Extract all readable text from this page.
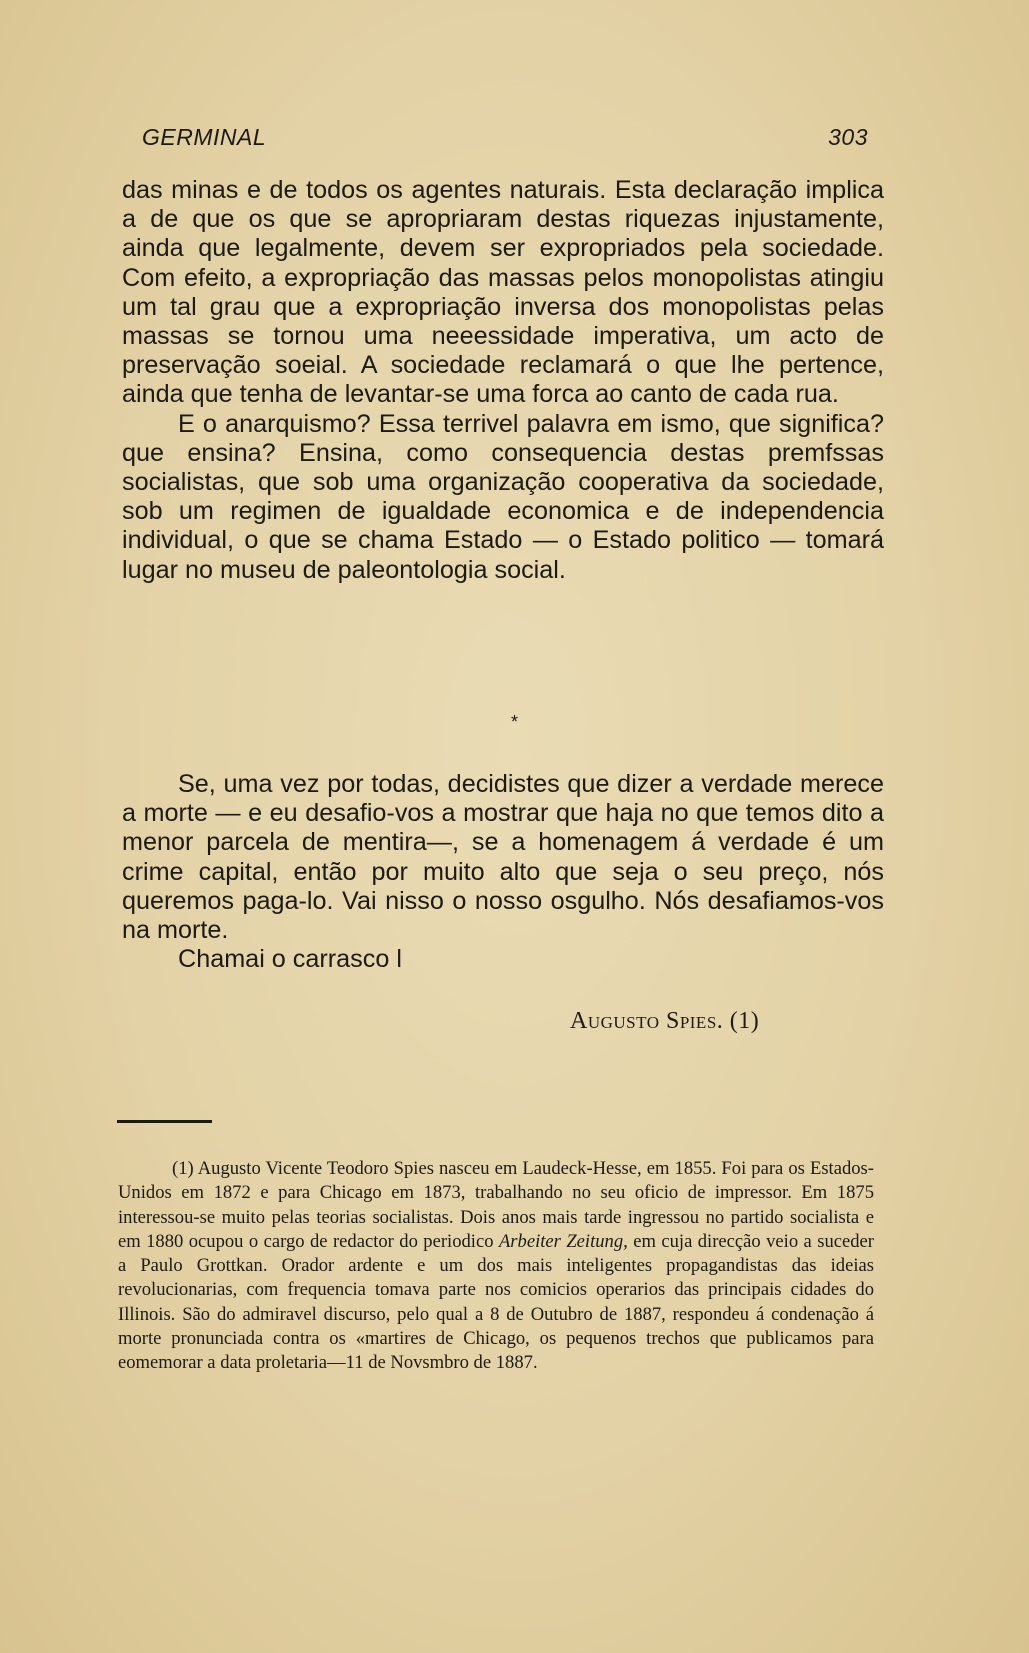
GERMINAL	303

das minas e de todos os agentes naturais. Esta declaração implica a de que os que se apropriaram destas riquezas injustamente, ainda que legalmente, devem ser expropriados pela sociedade. Com efeito, a expropriação das massas pelos monopolistas atingiu um tal grau que a expropriação inversa dos monopolistas pelas massas se tornou uma neeessidade imperativa, um acto de preservação soeial. A sociedade reclamará o que lhe pertence, ainda que tenha de levantar-se uma forca ao canto de cada rua.

E o anarquismo? Essa terrivel palavra em ismo, que significa? que ensina? Ensina, como consequencia destas premfssas socialistas, que sob uma organização cooperativa da sociedade, sob um regimen de igualdade economica e de independencia individual, o que se chama Estado — o Estado politico — tomará lugar no museu de paleontologia social.

*

Se, uma vez por todas, decidistes que dizer a verdade merece a morte — e eu desafio-vos a mostrar que haja no que temos dito a menor parcela de mentira—, se a homenagem á verdade é um crime capital, então por muito alto que seja o seu preço, nós queremos paga-lo. Vai nisso o nosso osgulho. Nós desafiamos-vos na morte.

Chamai o carrasco l

Augusto Spies. (1)

(1) Augusto Vicente Teodoro Spies nasceu em Laudeck-Hesse, em 1855. Foi para os Estados-Unidos em 1872 e para Chicago em 1873, trabalhando no seu oficio de impressor. Em 1875 interessou-se muito pelas teorias socialistas. Dois anos mais tarde ingressou no partido socialista e em 1880 ocupou o cargo de redactor do periodico Arbeiter Zeitung, em cuja direcção veio a suceder a Paulo Grottkan. Orador ardente e um dos mais inteligentes propagandistas das ideias revolucionarias, com frequencia tomava parte nos comicios operarios das principais cidades do Illinois. São do admiravel discurso, pelo qual a 8 de Outubro de 1887, respondeu á condenação á morte pronunciada contra os «martires de Chicago, os pequenos trechos que publicamos para eomemorar a data proletaria—11 de Novsmbro de 1887.
